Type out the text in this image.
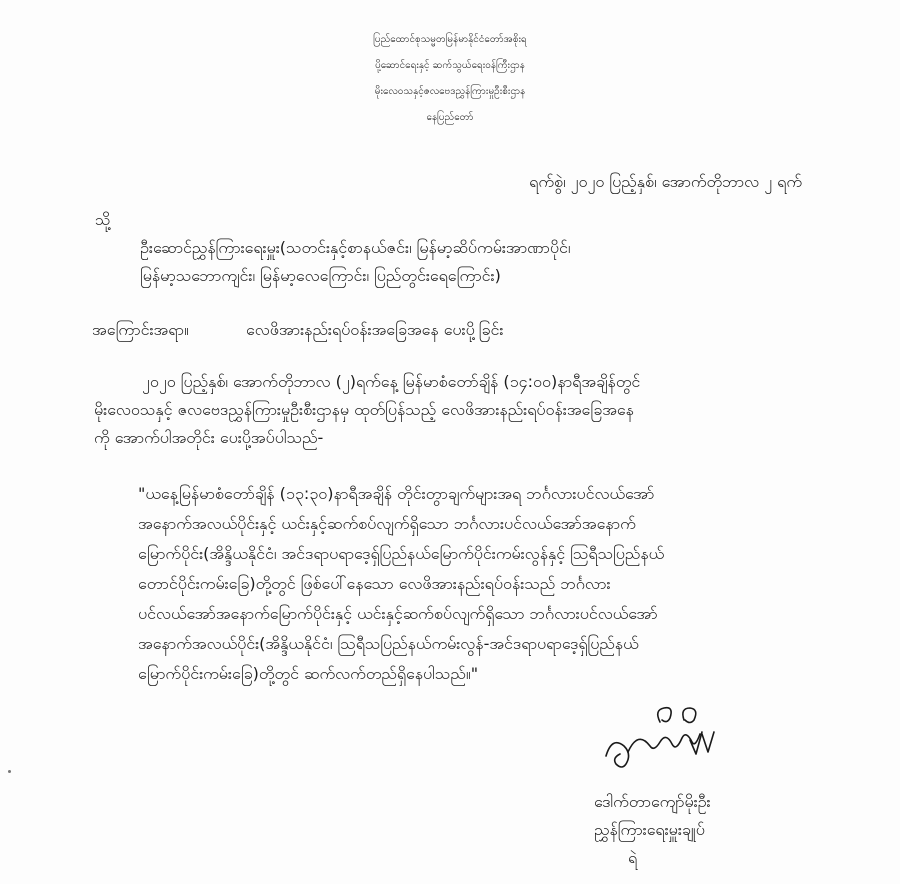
ပြည်ထောင်စုသမ္မတမြန်မာနိုင်ငံတော်အစိုးရ
ပို့ဆောင်ရေးနှင့် ဆက်သွယ်ရေးဝန်ကြီးဌာန
မိုးလေဝသနှင့်ဇလဗေဒညွှန်ကြားမှုဦးစီးဌာန
နေပြည်တော်
ရက်စွဲ၊ ၂၀၂၀ ပြည့်နှစ်၊ အောက်တိုဘာလ ၂ ရက်
သို့
ဦးဆောင်ညွှန်ကြားရေးမှူး(သတင်းနှင့်စာနယ်ဇင်း၊ မြန်မာ့ဆိပ်ကမ်းအာဏာပိုင်၊
မြန်မာ့သဘောကျင်း၊ မြန်မာ့လေကြောင်း၊ ပြည်တွင်းရေကြောင်း)
အကြောင်းအရာ။	လေဖိအားနည်းရပ်ဝန်းအခြေအနေ ပေးပို့ခြင်း
၂၀၂၀ ပြည့်နှစ်၊ အောက်တိုဘာလ (၂)ရက်နေ့ မြန်မာစံတော်ချိန် (၁၄:၀၀)နာရီအချိန်တွင်
မိုးလေဝသနှင့် ဇလဗေဒညွှန်ကြားမှုဦးစီးဌာနမှ ထုတ်ပြန်သည့် လေဖိအားနည်းရပ်ဝန်းအခြေအနေ
ကို အောက်ပါအတိုင်း ပေးပို့အပ်ပါသည်-
"ယနေ့မြန်မာစံတော်ချိန် (၁၃:၃၀)နာရီအချိန် တိုင်းတွာချက်များအရ ဘင်္ဂလားပင်လယ်အော်
အနောက်အလယ်ပိုင်းနှင့် ယင်းနှင့်ဆက်စပ်လျက်ရှိသော ဘင်္ဂလားပင်လယ်အော်အနောက်
မြောက်ပိုင်း(အိန္ဒိယနိုင်ငံ၊ အင်ဒရာပရာဒေ့ရှ်ပြည်နယ်မြောက်ပိုင်းကမ်းလွန်နှင့် သြရီသပြည်နယ်
တောင်ပိုင်းကမ်းခြေ)တို့တွင် ဖြစ်ပေါ်နေသော လေဖိအားနည်းရပ်ဝန်းသည် ဘင်္ဂလား
ပင်လယ်အော်အနောက်မြောက်ပိုင်းနှင့် ယင်းနှင့်ဆက်စပ်လျက်ရှိသော ဘင်္ဂလားပင်လယ်အော်
အနောက်အလယ်ပိုင်း(အိန္ဒိယနိုင်ငံ၊ သြရီသပြည်နယ်ကမ်းလွန်-အင်ဒရာပရာဒေ့ရှ်ပြည်နယ်
မြောက်ပိုင်းကမ်းခြေ)တို့တွင် ဆက်လက်တည်ရှိနေပါသည်။"
ဒေါက်တာကျော်မိုးဦး
ညွှန်ကြားရေးမှူးချုပ်
ရဲ
